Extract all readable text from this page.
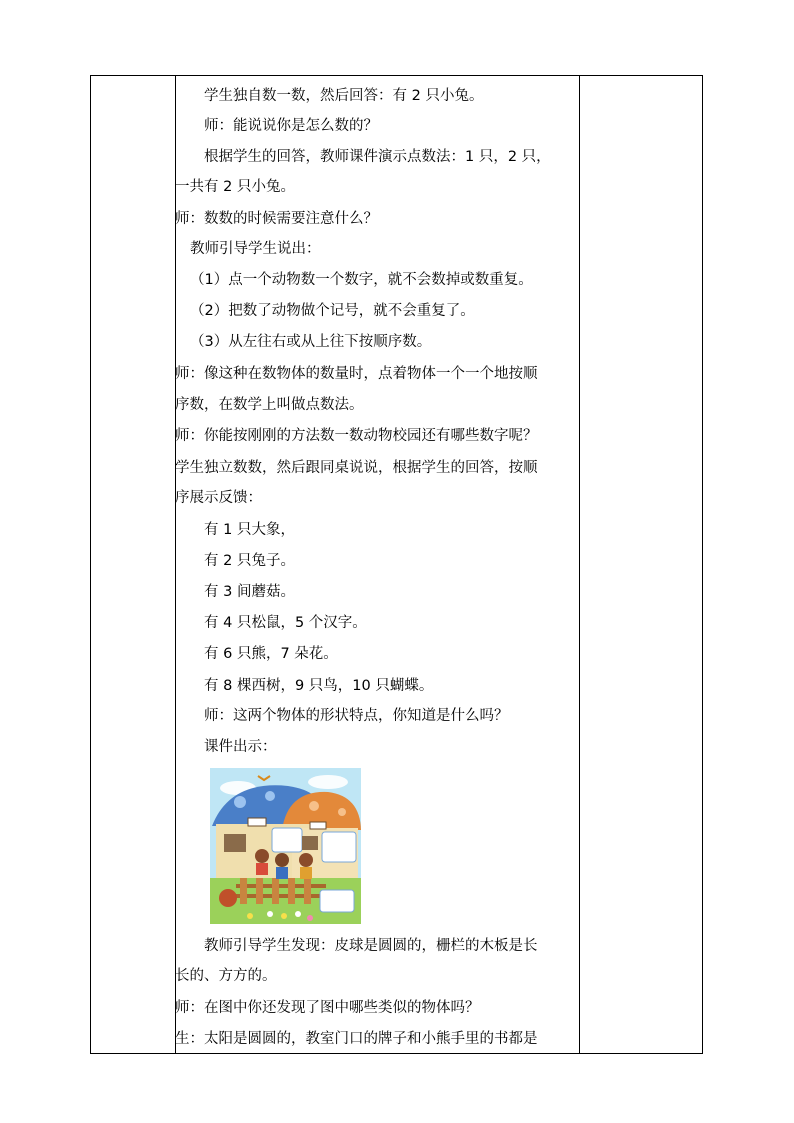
学生独自数一数，然后回答：有 2 只小兔。
师：能说说你是怎么数的？
根据学生的回答，教师课件演示点数法：1 只，2 只，
一共有 2 只小兔。
师：数数的时候需要注意什么？
教师引导学生说出：
（1）点一个动物数一个数字，就不会数掉或数重复。
（2）把数了动物做个记号，就不会重复了。
（3）从左往右或从上往下按顺序数。
师：像这种在数物体的数量时，点着物体一个一个地按顺
序数，在数学上叫做点数法。
师：你能按刚刚的方法数一数动物校园还有哪些数字呢？
学生独立数数，然后跟同桌说说，根据学生的回答，按顺
序展示反馈：
有 1 只大象，
有 2 只兔子。
有 3 间蘑菇。
有 4 只松鼠，5 个汉字。
有 6 只熊，7 朵花。
有 8 棵西树，9 只鸟，10 只蝴蝶。
师：这两个物体的形状特点，你知道是什么吗？
课件出示：
教师引导学生发现：皮球是圆圆的，栅栏的木板是长
长的、方方的。
师：在图中你还发现了图中哪些类似的物体吗？
生：太阳是圆圆的，教室门口的牌子和小熊手里的书都是
